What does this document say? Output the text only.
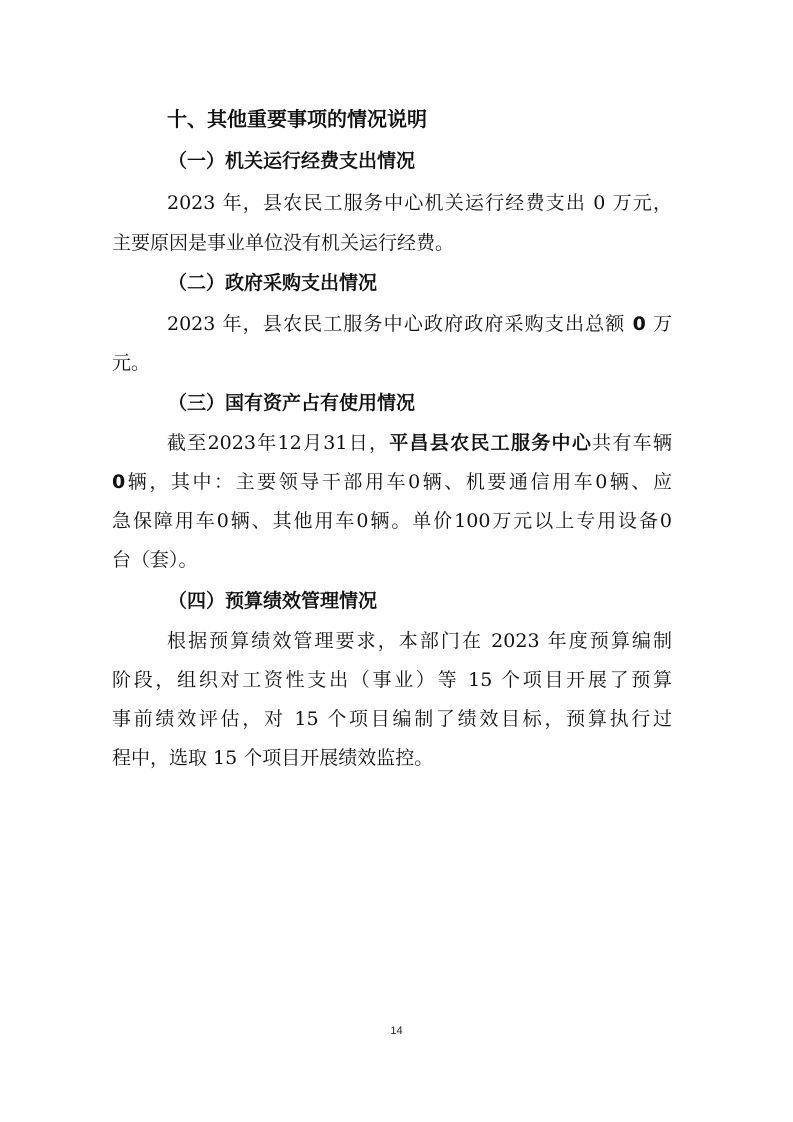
十、其他重要事项的情况说明
（一）机关运行经费支出情况
2023 年，县农民工服务中心机关运行经费支出 0 万元，
主要原因是事业单位没有机关运行经费。
（二）政府采购支出情况
2023 年，县农民工服务中心政府政府采购支出总额 0 万
元。
（三）国有资产占有使用情况
截至2023年12月31日，平昌县农民工服务中心共有车辆
0辆，其中：主要领导干部用车0辆、机要通信用车0辆、应
急保障用车0辆、其他用车0辆。单价100万元以上专用设备0
台（套）。
（四）预算绩效管理情况
根据预算绩效管理要求，本部门在 2023 年度预算编制
阶段，组织对工资性支出（事业）等 15 个项目开展了预算
事前绩效评估，对 15 个项目编制了绩效目标，预算执行过
程中，选取 15 个项目开展绩效监控。
14
